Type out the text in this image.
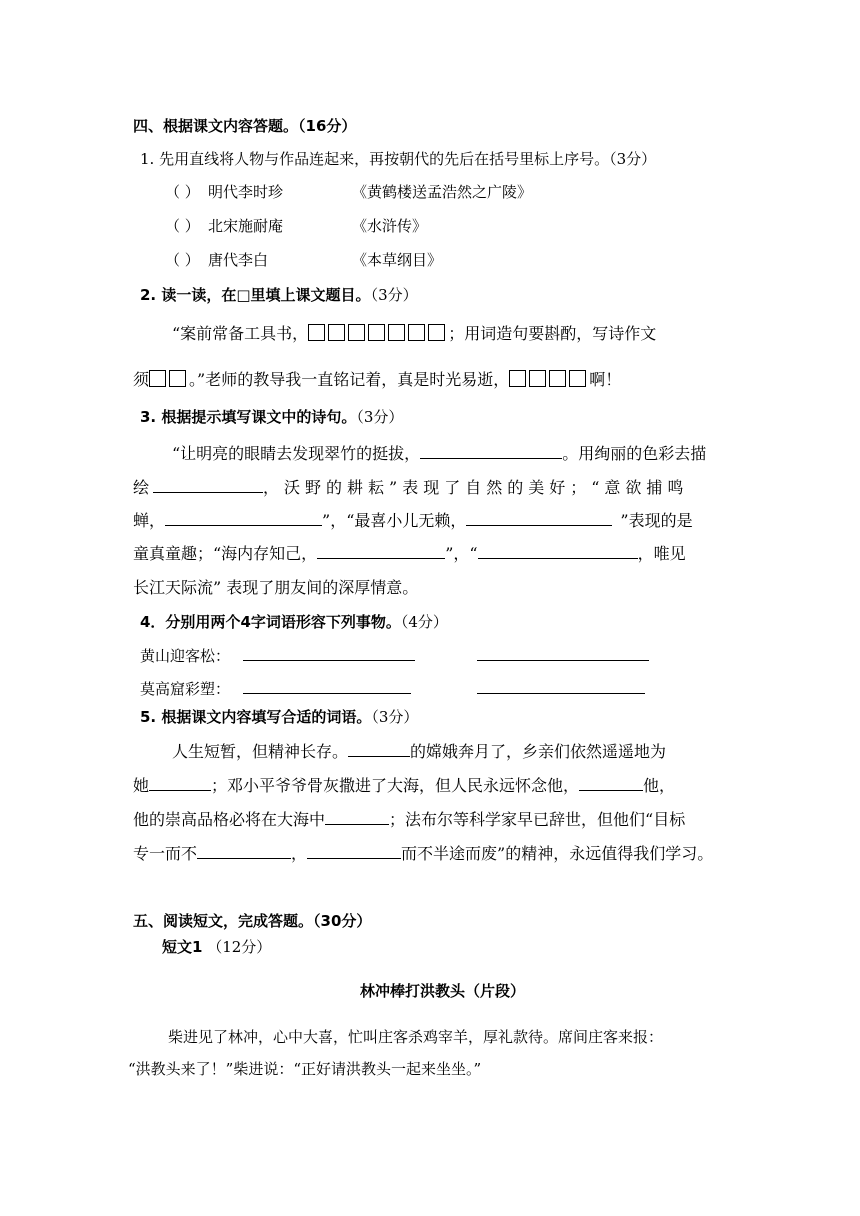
四、根据课文内容答题。（16分）
1. 先用直线将人物与作品连起来，再按朝代的先后在括号里标上序号。（3分）
（ ） 明代李时珍	《黄鹤楼送孟浩然之广陵》
（ ） 北宋施耐庵	《水浒传》
（ ） 唐代李白	《本草纲目》
2. 读一读，在□里填上课文题目。（3分）
“案前常备工具书，	；用词造句要斟酌，写诗作文
须	。”老师的教导我一直铭记着，真是时光易逝，	啊！
3. 根据提示填写课文中的诗句。（3分）
“让明亮的眼睛去发现翠竹的挺拔，	。用绚丽的色彩去描
绘	，沃野的耕耘”表现了自然的美好；“意欲捕鸣
蝉，	”，“最喜小儿无赖，	”表现的是
童真童趣；“海内存知己，	”，“	，唯见
长江天际流” 表现了朋友间的深厚情意。
4．分别用两个4字词语形容下列事物。（4分）
黄山迎客松：
莫高窟彩塑：
5. 根据课文内容填写合适的词语。（3分）
人生短暂，但精神长存。	的嫦娥奔月了，乡亲们依然遥遥地为
她	；邓小平爷爷骨灰撒进了大海，但人民永远怀念他，	他，
他的崇高品格必将在大海中	；法布尔等科学家早已辞世，但他们“目标
专一而不	，	而不半途而废”的精神，永远值得我们学习。
五、阅读短文，完成答题。（30分）
短文1 （12分）
林冲棒打洪教头（片段）
柴进见了林冲，心中大喜，忙叫庄客杀鸡宰羊，厚礼款待。席间庄客来报：
“洪教头来了！”柴进说：“正好请洪教头一起来坐坐。”
